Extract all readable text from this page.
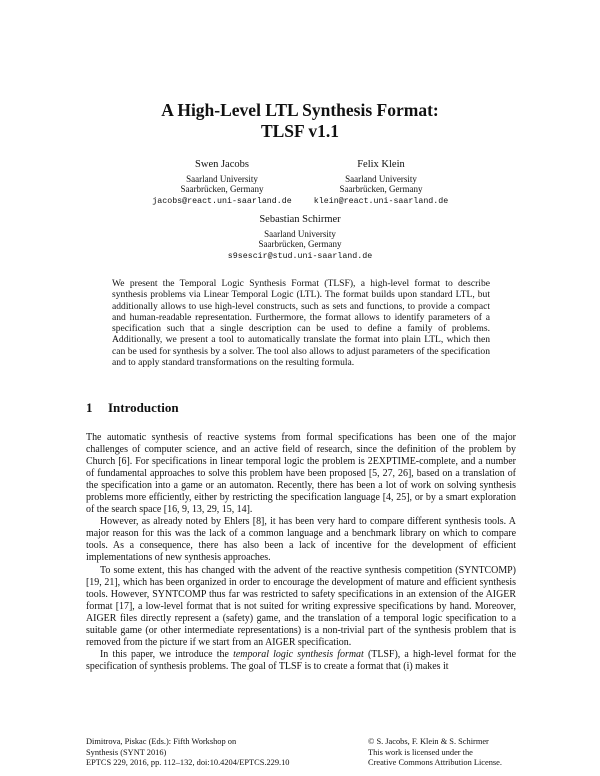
A High-Level LTL Synthesis Format:
TLSF v1.1
Swen Jacobs
Saarland University
Saarbrücken, Germany
jacobs@react.uni-saarland.de
Felix Klein
Saarland University
Saarbrücken, Germany
klein@react.uni-saarland.de
Sebastian Schirmer
Saarland University
Saarbrücken, Germany
s9sescir@stud.uni-saarland.de

We present the Temporal Logic Synthesis Format (TLSF), a high-level format to describe synthesis problems via Linear Temporal Logic (LTL). The format builds upon standard LTL, but additionally allows to use high-level constructs, such as sets and functions, to provide a compact and human-readable representation. Furthermore, the format allows to identify parameters of a specification such that a single description can be used to define a family of problems. Additionally, we present a tool to automatically translate the format into plain LTL, which then can be used for synthesis by a solver. The tool also allows to adjust parameters of the specification and to apply standard transformations on the resulting formula.

1 Introduction

The automatic synthesis of reactive systems from formal specifications has been one of the major challenges of computer science, and an active field of research, since the definition of the problem by Church [6]. For specifications in linear temporal logic the problem is 2EXPTIME-complete, and a number of fundamental approaches to solve this problem have been proposed [5, 27, 26], based on a translation of the specification into a game or an automaton. Recently, there has been a lot of work on solving synthesis problems more efficiently, either by restricting the specification language [4, 25], or by a smart exploration of the search space [16, 9, 13, 29, 15, 14].

However, as already noted by Ehlers [8], it has been very hard to compare different synthesis tools. A major reason for this was the lack of a common language and a benchmark library on which to compare tools. As a consequence, there has also been a lack of incentive for the development of efficient implementations of new synthesis approaches.

To some extent, this has changed with the advent of the reactive synthesis competition (SYNTCOMP) [19, 21], which has been organized in order to encourage the development of mature and efficient synthesis tools. However, SYNTCOMP thus far was restricted to safety specifications in an extension of the AIGER format [17], a low-level format that is not suited for writing expressive specifications by hand. Moreover, AIGER files directly represent a (safety) game, and the translation of a temporal logic specification to a suitable game (or other intermediate representations) is a non-trivial part of the synthesis problem that is removed from the picture if we start from an AIGER specification.

In this paper, we introduce the temporal logic synthesis format (TLSF), a high-level format for the specification of synthesis problems. The goal of TLSF is to create a format that (i) makes it

Dimitrova, Piskac (Eds.): Fifth Workshop on
Synthesis (SYNT 2016)
EPTCS 229, 2016, pp. 112–132, doi:10.4204/EPTCS.229.10
© S. Jacobs, F. Klein & S. Schirmer
This work is licensed under the
Creative Commons Attribution License.
